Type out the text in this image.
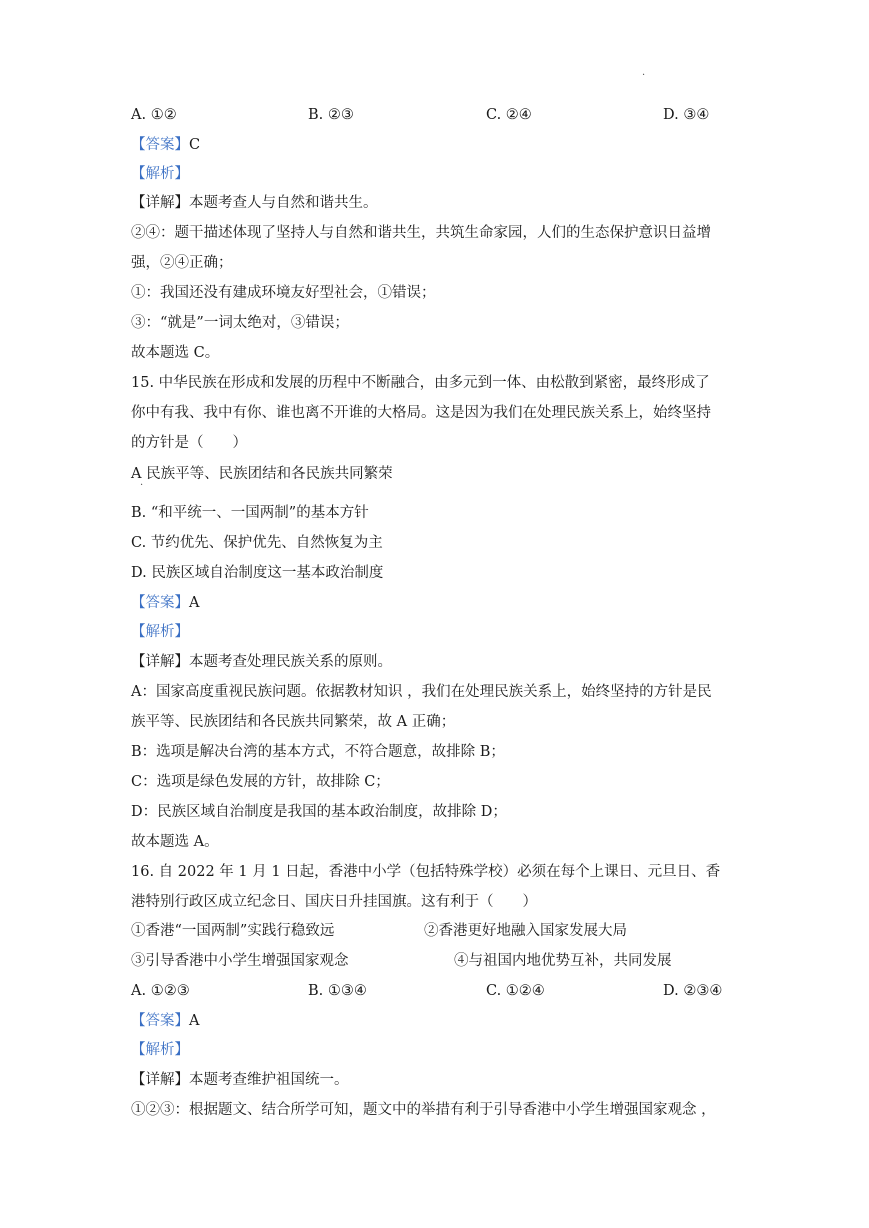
·
A. ①②	B. ②③	C. ②④	D. ③④
【答案】C
【解析】
【详解】本题考查人与自然和谐共生。
②④：题干描述体现了坚持人与自然和谐共生，共筑生命家园，人们的生态保护意识日益增
强，②④正确；
①：我国还没有建成环境友好型社会，①错误；
③：“就是”一词太绝对，③错误；
故本题选 C。
15. 中华民族在形成和发展的历程中不断融合，由多元到一体、由松散到紧密，最终形成了
你中有我、我中有你、谁也离不开谁的大格局。这是因为我们在处理民族关系上，始终坚持
的方针是（　　）
A 民族平等、民族团结和各民族共同繁荣
·
B. “和平统一、一国两制”的基本方针
C. 节约优先、保护优先、自然恢复为主
D. 民族区域自治制度这一基本政治制度
【答案】A
【解析】
【详解】本题考查处理民族关系的原则。
A：国家高度重视民族问题。依据教材知识 ，我们在处理民族关系上，始终坚持的方针是民
族平等、民族团结和各民族共同繁荣，故 A 正确；
B：选项是解决台湾的基本方式，不符合题意，故排除 B；
C：选项是绿色发展的方针，故排除 C；
D：民族区域自治制度是我国的基本政治制度，故排除 D；
故本题选 A。
16. 自 2022 年 1 月 1 日起，香港中小学（包括特殊学校）必须在每个上课日、元旦日、香
港特别行政区成立纪念日、国庆日升挂国旗。这有利于（　　）
①香港“一国两制”实践行稳致远	②香港更好地融入国家发展大局
③引导香港中小学生增强国家观念	④与祖国内地优势互补，共同发展
A. ①②③	B. ①③④	C. ①②④	D. ②③④
【答案】A
【解析】
【详解】本题考查维护祖国统一。
①②③：根据题文、结合所学可知，题文中的举措有利于引导香港中小学生增强国家观念 ，
